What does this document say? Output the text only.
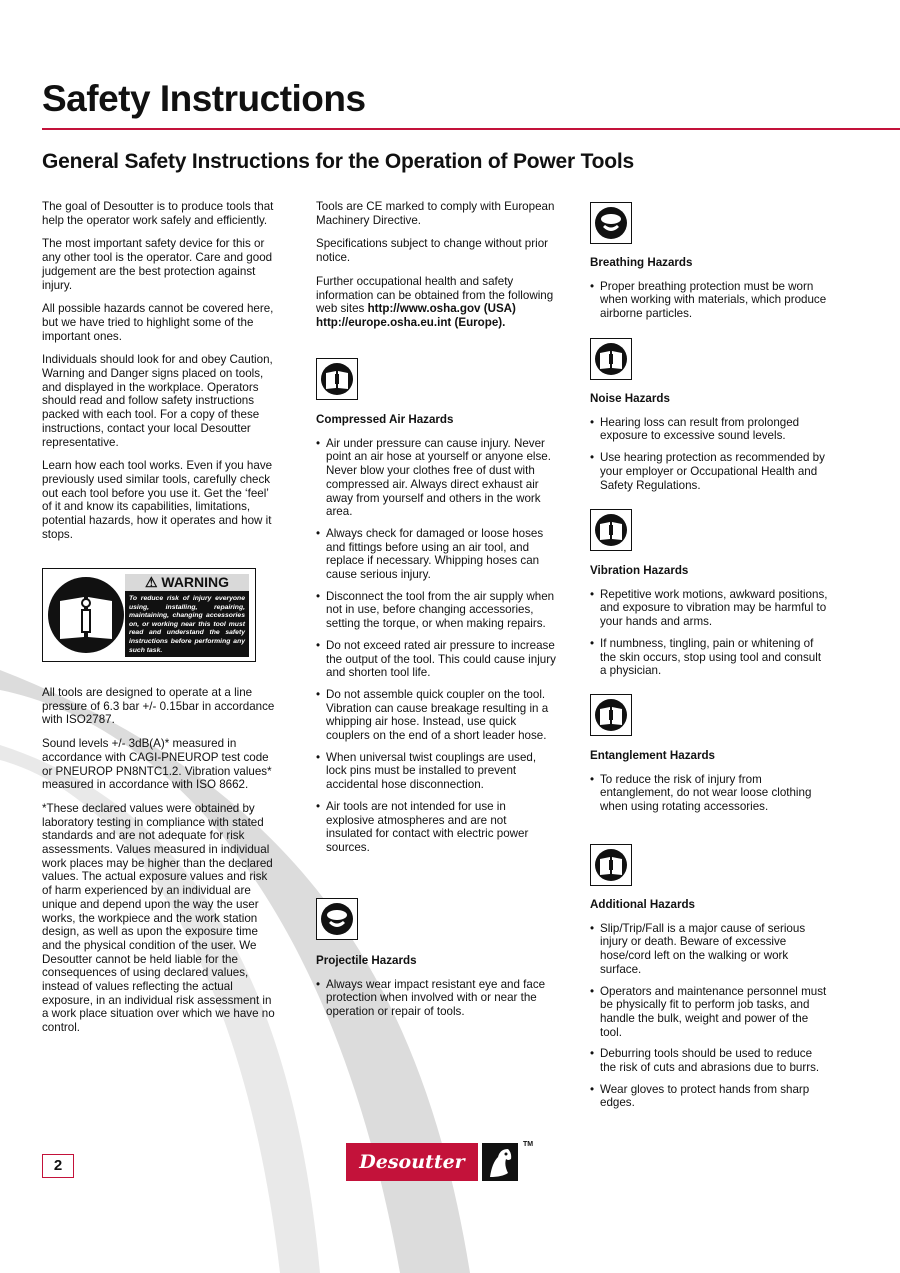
Safety Instructions
General Safety Instructions for the Operation of Power Tools

The goal of Desoutter is to produce tools that help the operator work safely and efficiently.

The most important safety device for this or any other tool is the operator. Care and good judgement are the best protection against injury.

All possible hazards cannot be covered here, but we have tried to highlight some of the important ones.

Individuals should look for and obey Caution, Warning and Danger signs placed on tools, and displayed in the workplace. Operators should read and follow safety instructions packed with each tool. For a copy of these instructions, contact your local Desoutter representative.

Learn how each tool works. Even if you have previously used similar tools, carefully check out each tool before you use it. Get the ‘feel’ of it and know its capabilities, limitations, potential hazards, how it operates and how it stops.

⚠ WARNING
To reduce risk of injury everyone using, installing, repairing, maintaining, changing accessories on, or working near this tool must read and understand the safety instructions before performing any such task.

All tools are designed to operate at a line pressure of 6.3 bar +/- 0.15bar in accordance with ISO2787.

Sound levels +/- 3dB(A)* measured in accordance with CAGI-PNEUROP test code or PNEUROP PN8NTC1.2. Vibration values* measured in accordance with ISO 8662.

*These declared values were obtained by laboratory testing in compliance with stated standards and are not adequate for risk assessments. Values measured in individual work places may be higher than the declared values. The actual exposure values and risk of harm experienced by an individual are unique and depend upon the way the user works, the workpiece and the work station design, as well as upon the exposure time and the physical condition of the user. We Desoutter cannot be held liable for the consequences of using declared values, instead of values reflecting the actual exposure, in an individual risk assessment in a work place situation over which we have no control.

Tools are CE marked to comply with European Machinery Directive.

Specifications subject to change without prior notice.

Further occupational health and safety information can be obtained from the following web sites http://www.osha.gov (USA) http://europe.osha.eu.int (Europe).

Compressed Air Hazards
• Air under pressure can cause injury. Never point an air hose at yourself or anyone else. Never blow your clothes free of dust with compressed air. Always direct exhaust air away from yourself and others in the work area.
• Always check for damaged or loose hoses and fittings before using an air tool, and replace if necessary. Whipping hoses can cause serious injury.
• Disconnect the tool from the air supply when not in use, before changing accessories, setting the torque, or when making repairs.
• Do not exceed rated air pressure to increase the output of the tool. This could cause injury and shorten tool life.
• Do not assemble quick coupler on the tool. Vibration can cause breakage resulting in a whipping air hose. Instead, use quick couplers on the end of a short leader hose.
• When universal twist couplings are used, lock pins must be installed to prevent accidental hose disconnection.
• Air tools are not intended for use in explosive atmospheres and are not insulated for contact with electric power sources.
Projectile Hazards
• Always wear impact resistant eye and face protection when involved with or near the operation or repair of tools.
Breathing Hazards
• Proper breathing protection must be worn when working with materials, which produce airborne particles.
Noise Hazards
• Hearing loss can result from prolonged exposure to excessive sound levels.
• Use hearing protection as recommended by your employer or Occupational Health and Safety Regulations.
Vibration Hazards
• Repetitive work motions, awkward positions, and exposure to vibration may be harmful to your hands and arms.
• If numbness, tingling, pain or whitening of the skin occurs, stop using tool and consult a physician.
Entanglement Hazards
• To reduce the risk of injury from entanglement, do not wear loose clothing when using rotating accessories.
Additional Hazards
• Slip/Trip/Fall is a major cause of serious injury or death. Beware of excessive hose/cord left on the walking or work surface.
• Operators and maintenance personnel must be physically fit to perform job tasks, and handle the bulk, weight and power of the tool.
• Deburring tools should be used to reduce the risk of cuts and abrasions due to burrs.
• Wear gloves to protect hands from sharp edges.
2	Desoutter
TM
